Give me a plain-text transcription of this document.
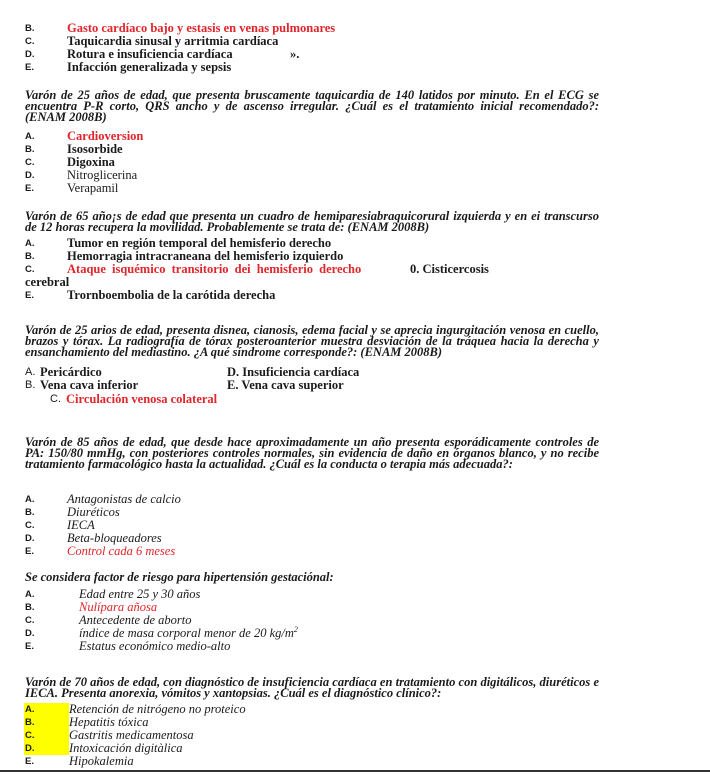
B.	Gasto cardíaco bajo y estasis en venas pulmonares
C.	Taquicardia sinusal y arritmia cardíaca
D.	Rotura e insuficiencia cardíaca	».
E.	Infacción generalizada y sepsis
Varón de 25 años de edad, que presenta bruscamente taquicardia de 140 latidos por minuto. En el ECG se encuentra P-R corto, QRS ancho y de ascenso irregular. ¿Cuál es el tratamiento inicial recomendado?: (ENAM 2008B)
A.	Cardioversion
B.	Isosorbide
C.	Digoxina
D.	Nitroglicerina
E.	Verapamil
Varón de 65 año¡s de edad que presenta un cuadro de hemiparesiabraquicorural izquierda y en ei transcurso de 12 horas recupera la movilidad. Probablemente se trata de: (ENAM 2008B)
A.	Tumor en región temporal del hemisferio derecho
B.	Hemorragia intracraneana del hemisferio izquierdo
C.	Ataque isquémico transitorio dei hemisferio derecho	0. Cisticercosis
cerebral
E.	Trornboembolia de la carótida derecha
Varón de 25 arios de edad, presenta disnea, cianosis, edema facial y se aprecia ingurgitación venosa en cuello, brazos y tórax. La radiografía de tórax posteroanterior muestra desviación de la tráquea hacia la derecha y ensanchamiento del mediastino. ¿A qué síndrome corresponde?: (ENAM 2008B)
A. Pericárdico	D. Insuficiencia cardíaca
B. Vena cava inferior	E. Vena cava superior
C. Circulación venosa colateral
Varón de 85 años de edad, que desde hace aproximadamente un año presenta esporádicamente controles de PA: 150/80 mmHg, con posteriores controles normales, sin evidencia de daño en órganos blanco, y no recibe tratamiento farmacológico hasta la actualidad. ¿Cuál es la conducta o terapia más adecuada?:
A.	Antagonistas de calcio
B.	Diuréticos
C.	IECA
D.	Beta-bloqueadores
E.	Control cada 6 meses
Se considera factor de riesgo para hipertensión gestaciónal:
A.	Edad entre 25 y 30 años
B.	Nulípara añosa
C.	Antecedente de aborto
D.	índice de masa corporal menor de 20 $kg/m^2$
E.	Estatus económico medio-alto
Varón de 70 años de edad, con diagnóstico de insuficiencia cardíaca en tratamiento con digitálicos, diuréticos e IECA. Presenta anorexia, vómitos y xantopsias. ¿Cuál es el diagnóstico clínico?:
A.	Retención de nitrógeno no proteico
B.	Hepatitis tóxica
C.	Gastritis medicamentosa
D.	Intoxicación digitàlica
E.	Hipokalemia
